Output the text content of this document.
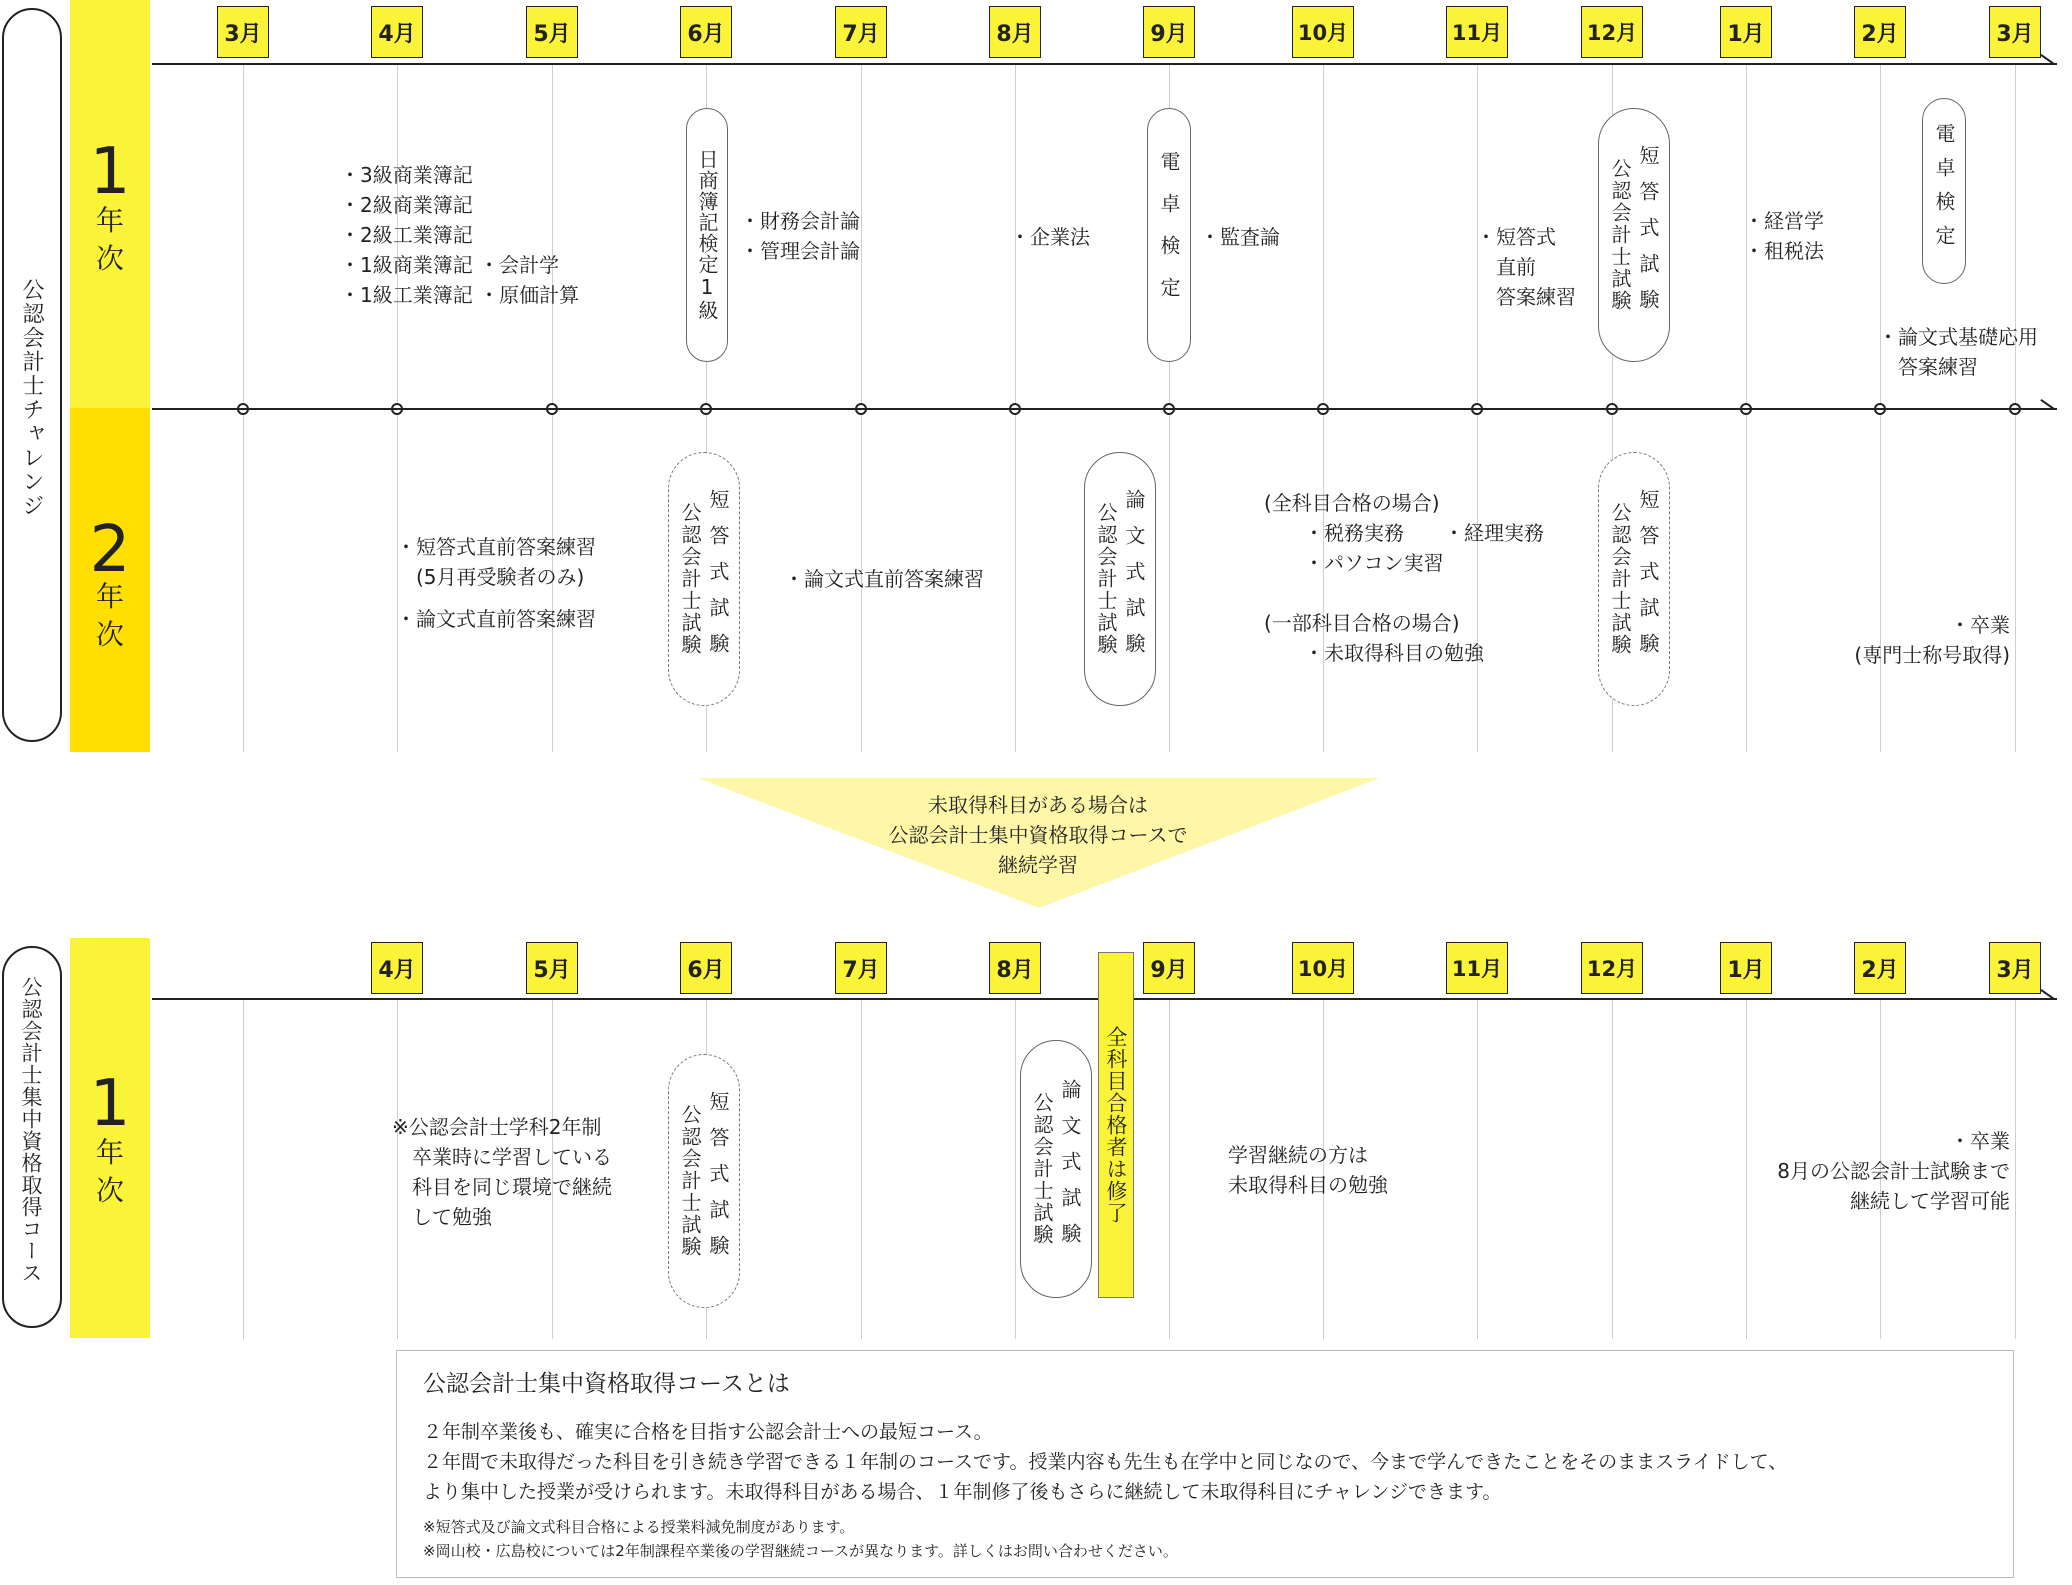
公認会計士チャレンジ
公認会計士集中資格取得コース
1
年
次
2
年
次
1
年
次
3月	4月	5月	6月	7月	8月	9月	10月	11月	12月	1月	2月	3月
・3級商業簿記
・2級商業簿記
・2級工業簿記
・1級商業簿記 ・会計学
・1級工業簿記 ・原価計算	日商簿記検定1級 ・財務会計論
・管理会計論
・企業法	電卓検定 ・監査論	・短答式
　直前
　答案練習 公認会計士試験 短答式試験	・経営学
・租税法	電卓検定
・論文式基礎応用
　答案練習
・短答式直前答案練習
　(5月再受験者のみ)
・論文式直前答案練習	公認会計士試験 短答式試験	・論文式直前答案練習	公認会計士試験 論文式試験	(全科目合格の場合)
　　・税務実務　　・経理実務
　　・パソコン実習
(一部科目合格の場合)
　　・未取得科目の勉強	公認会計士試験 短答式試験	・卒業
(専門士称号取得)
未取得科目がある場合は
公認会計士集中資格取得コースで
継続学習
4月	5月	6月	7月	8月	9月	10月	11月	12月	1月	2月	3月
※公認会計士学科2年制
　卒業時に学習している
　科目を同じ環境で継続
　して勉強	公認会計士試験 短答式試験	公認会計士試験 論文式試験 全科目合格者は修了	学習継続の方は
未取得科目の勉強
・卒業
8月の公認会計士試験まで
継続して学習可能
公認会計士集中資格取得コースとは
２年制卒業後も、確実に合格を目指す公認会計士への最短コース。
２年間で未取得だった科目を引き続き学習できる１年制のコースです。授業内容も先生も在学中と同じなので、今まで学んできたことをそのままスライドして、
より集中した授業が受けられます。未取得科目がある場合、１年制修了後もさらに継続して未取得科目にチャレンジできます。
※短答式及び論文式科目合格による授業料減免制度があります。
※岡山校・広島校については2年制課程卒業後の学習継続コースが異なります。詳しくはお問い合わせください。
